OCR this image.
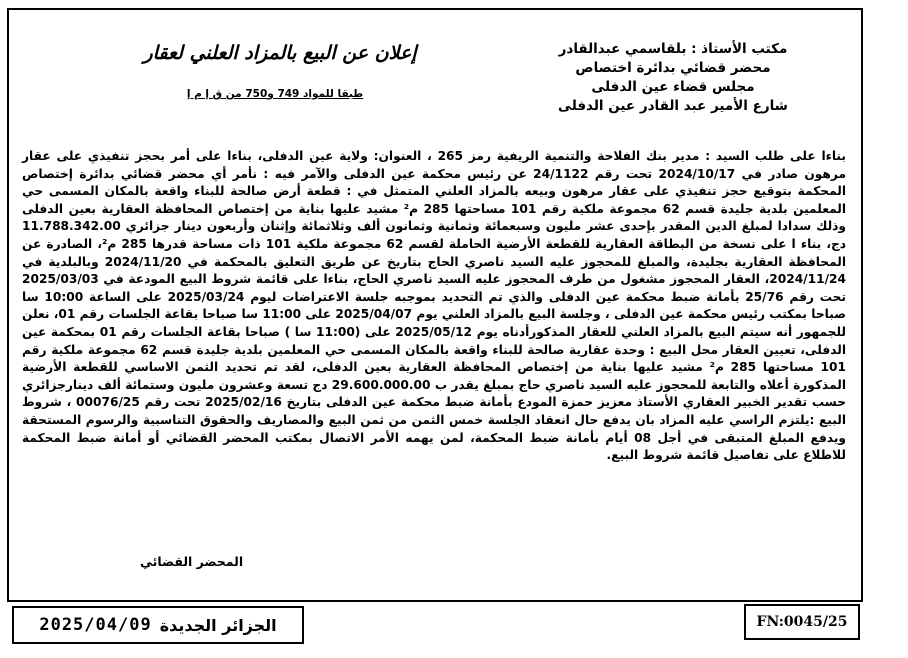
مكتب الأستاذ : بلقاسمي عبدالقادر
محضر قضائي بدائرة اختصاص
مجلس قضاء عين الدفلى
شارع الأمير عبد القادر عين الدفلى
إعلان عن البيع بالمزاد العلني لعقار
طبقا للمواد 749 و750 من ق إ م إ
بناءا على طلب السيد : مدير بنك الفلاحة والتنمية الريفية رمز 265 ، العنوان: ولاية عين الدفلى، بناءا على أمر بحجز تنفيذي على عقار مرهون صادر في 2024/10/17 تحت رقم 24/1122 عن رئيس محكمة عين الدفلى والآمر فيه : نأمر أي محضر قضائي بدائرة إختصاص المحكمة بتوقيع حجز تنفيذي على عقار مرهون وبيعه بالمزاد العلني المتمثل في : قطعة أرض صالحة للبناء واقعة بالمكان المسمى حي المعلمين بلدية جليدة قسم 62 مجموعة ملكية رقم 101 مساحتها 285 م² مشيد عليها بناية من إختصاص المحافظة العقارية بعين الدفلى وذلك سدادا لمبلغ الدين المقدر بإحدى عشر مليون وسبعمائة وثمانية وثمانون ألف وثلاثمائة وإثنان وأربعون دينار جزائري 11.788.342.00 دج، بناء ا على نسخة من البطاقة العقارية للقطعة الأرضية الحاملة لقسم 62 مجموعة ملكية 101 ذات مساحة قدرها 285 م²، الصادرة عن المحافظة العقارية بجليدة، والمبلغ للمحجوز عليه السيد ناصري الحاج بتاريخ عن طريق التعليق بالمحكمة في 2024/11/20 وبالبلدية في 2024/11/24، العقار المحجوز مشغول من طرف المحجوز عليه السيد ناصري الحاج، بناءا على قائمة شروط البيع المودعة في 2025/03/03 تحت رقم 25/76 بأمانة ضبط محكمة عين الدفلى والذي تم التحديد بموجبه جلسة الاعتراضات ليوم 2025/03/24 على الساعة 10:00 سا صباحا بمكتب رئيس محكمة عين الدفلى ، وجلسة البيع بالمزاد العلني يوم 2025/04/07 على 11:00 سا صباحا بقاعة الجلسات رقم 01، نعلن للجمهور أنه سيتم البيع بالمزاد العلني للعقار المذكورأدناه يوم 2025/05/12 على (11:00 سا ) صباحا بقاعة الجلسات رقم 01 بمحكمة عين الدفلى، تعيين العقار محل البيع : وحدة عقارية صالحة للبناء واقعة بالمكان المسمى حي المعلمين بلدية جليدة قسم 62 مجموعة ملكية رقم 101 مساحتها 285 م² مشيد عليها بناية من إختصاص المحافظة العقارية بعين الدفلى، لقد تم تحديد الثمن الاساسي للقطعة الأرضية المذكورة أعلاه والتابعة للمحجوز عليه السيد ناصري حاج بمبلغ يقدر ب 29.600.000.00 دج تسعة وعشرون مليون وستمائة ألف دينارجزائري حسب تقدير الخبير العقاري الأستاذ معزيز حمزة المودع بأمانة ضبط محكمة عين الدفلى بتاريخ 2025/02/16 تحت رقم 00076/25 ، شروط البيع :يلتزم الراسي عليه المزاد بان يدفع حال انعقاد الجلسة خمس الثمن من ثمن البيع والمصاريف والحقوق التناسبية والرسوم المستحقة ويدفع المبلغ المتبقى في أجل 08 أيام بأمانة ضبط المحكمة، لمن يهمه الأمر الاتصال بمكتب المحضر القضائي أو أمانة ضبط المحكمة للاطلاع على تفاصيل قائمة شروط البيع.
المحضر القضائي
2025/04/09 الجزائر الجديدة	FN:0045/25
